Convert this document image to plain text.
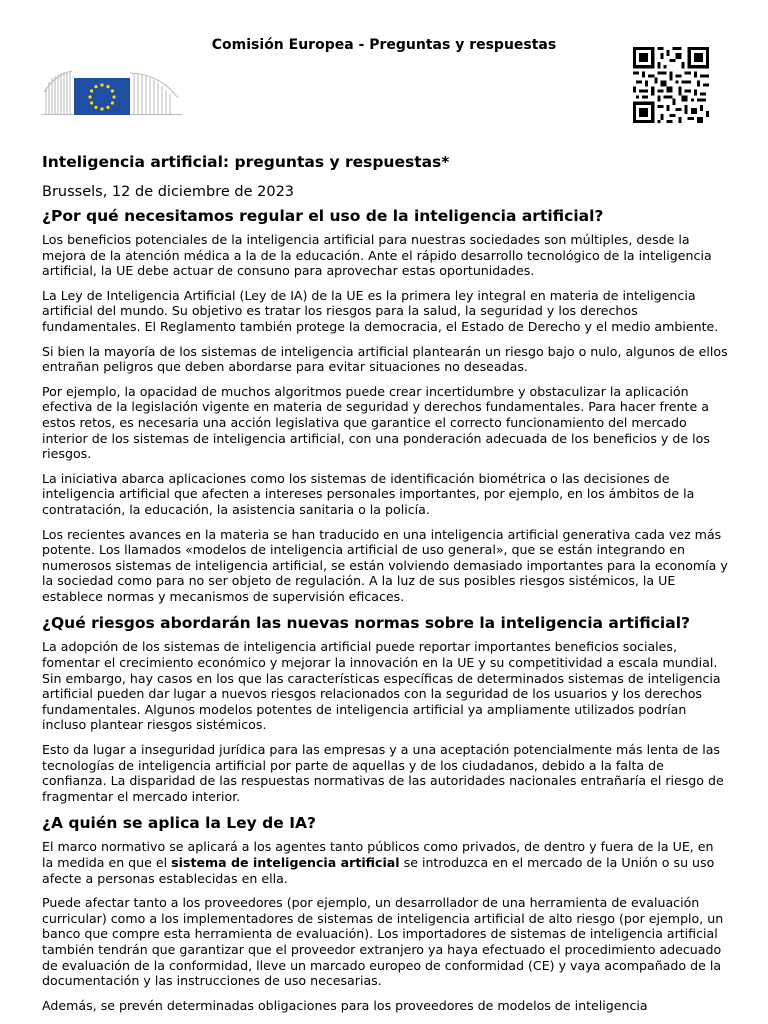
Comisión Europea - Preguntas y respuestas
Inteligencia artificial: preguntas y respuestas*
Brussels, 12 de diciembre de 2023
¿Por qué necesitamos regular el uso de la inteligencia artificial?

Los beneficios potenciales de la inteligencia artificial para nuestras sociedades son múltiples, desde la mejora de la atención médica a la de la educación. Ante el rápido desarrollo tecnológico de la inteligencia artificial, la UE debe actuar de consuno para aprovechar estas oportunidades.

La Ley de Inteligencia Artificial (Ley de IA) de la UE es la primera ley integral en materia de inteligencia artificial del mundo. Su objetivo es tratar los riesgos para la salud, la seguridad y los derechos fundamentales. El Reglamento también protege la democracia, el Estado de Derecho y el medio ambiente.

Si bien la mayoría de los sistemas de inteligencia artificial plantearán un riesgo bajo o nulo, algunos de ellos entrañan peligros que deben abordarse para evitar situaciones no deseadas.

Por ejemplo, la opacidad de muchos algoritmos puede crear incertidumbre y obstaculizar la aplicación efectiva de la legislación vigente en materia de seguridad y derechos fundamentales. Para hacer frente a estos retos, es necesaria una acción legislativa que garantice el correcto funcionamiento del mercado interior de los sistemas de inteligencia artificial, con una ponderación adecuada de los beneficios y de los riesgos.

La iniciativa abarca aplicaciones como los sistemas de identificación biométrica o las decisiones de inteligencia artificial que afecten a intereses personales importantes, por ejemplo, en los ámbitos de la contratación, la educación, la asistencia sanitaria o la policía.

Los recientes avances en la materia se han traducido en una inteligencia artificial generativa cada vez más potente. Los llamados «modelos de inteligencia artificial de uso general», que se están integrando en numerosos sistemas de inteligencia artificial, se están volviendo demasiado importantes para la economía y la sociedad como para no ser objeto de regulación. A la luz de sus posibles riesgos sistémicos, la UE establece normas y mecanismos de supervisión eficaces.

¿Qué riesgos abordarán las nuevas normas sobre la inteligencia artificial?

La adopción de los sistemas de inteligencia artificial puede reportar importantes beneficios sociales, fomentar el crecimiento económico y mejorar la innovación en la UE y su competitividad a escala mundial. Sin embargo, hay casos en los que las características específicas de determinados sistemas de inteligencia artificial pueden dar lugar a nuevos riesgos relacionados con la seguridad de los usuarios y los derechos fundamentales. Algunos modelos potentes de inteligencia artificial ya ampliamente utilizados podrían incluso plantear riesgos sistémicos.

Esto da lugar a inseguridad jurídica para las empresas y a una aceptación potencialmente más lenta de las tecnologías de inteligencia artificial por parte de aquellas y de los ciudadanos, debido a la falta de confianza. La disparidad de las respuestas normativas de las autoridades nacionales entrañaría el riesgo de fragmentar el mercado interior.

¿A quién se aplica la Ley de IA?

El marco normativo se aplicará a los agentes tanto públicos como privados, de dentro y fuera de la UE, en la medida en que el sistema de inteligencia artificial se introduzca en el mercado de la Unión o su uso afecte a personas establecidas en ella.

Puede afectar tanto a los proveedores (por ejemplo, un desarrollador de una herramienta de evaluación curricular) como a los implementadores de sistemas de inteligencia artificial de alto riesgo (por ejemplo, un banco que compre esta herramienta de evaluación). Los importadores de sistemas de inteligencia artificial también tendrán que garantizar que el proveedor extranjero ya haya efectuado el procedimiento adecuado de evaluación de la conformidad, lleve un marcado europeo de conformidad (CE) y vaya acompañado de la documentación y las instrucciones de uso necesarias.

Además, se prevén determinadas obligaciones para los proveedores de modelos de inteligencia
